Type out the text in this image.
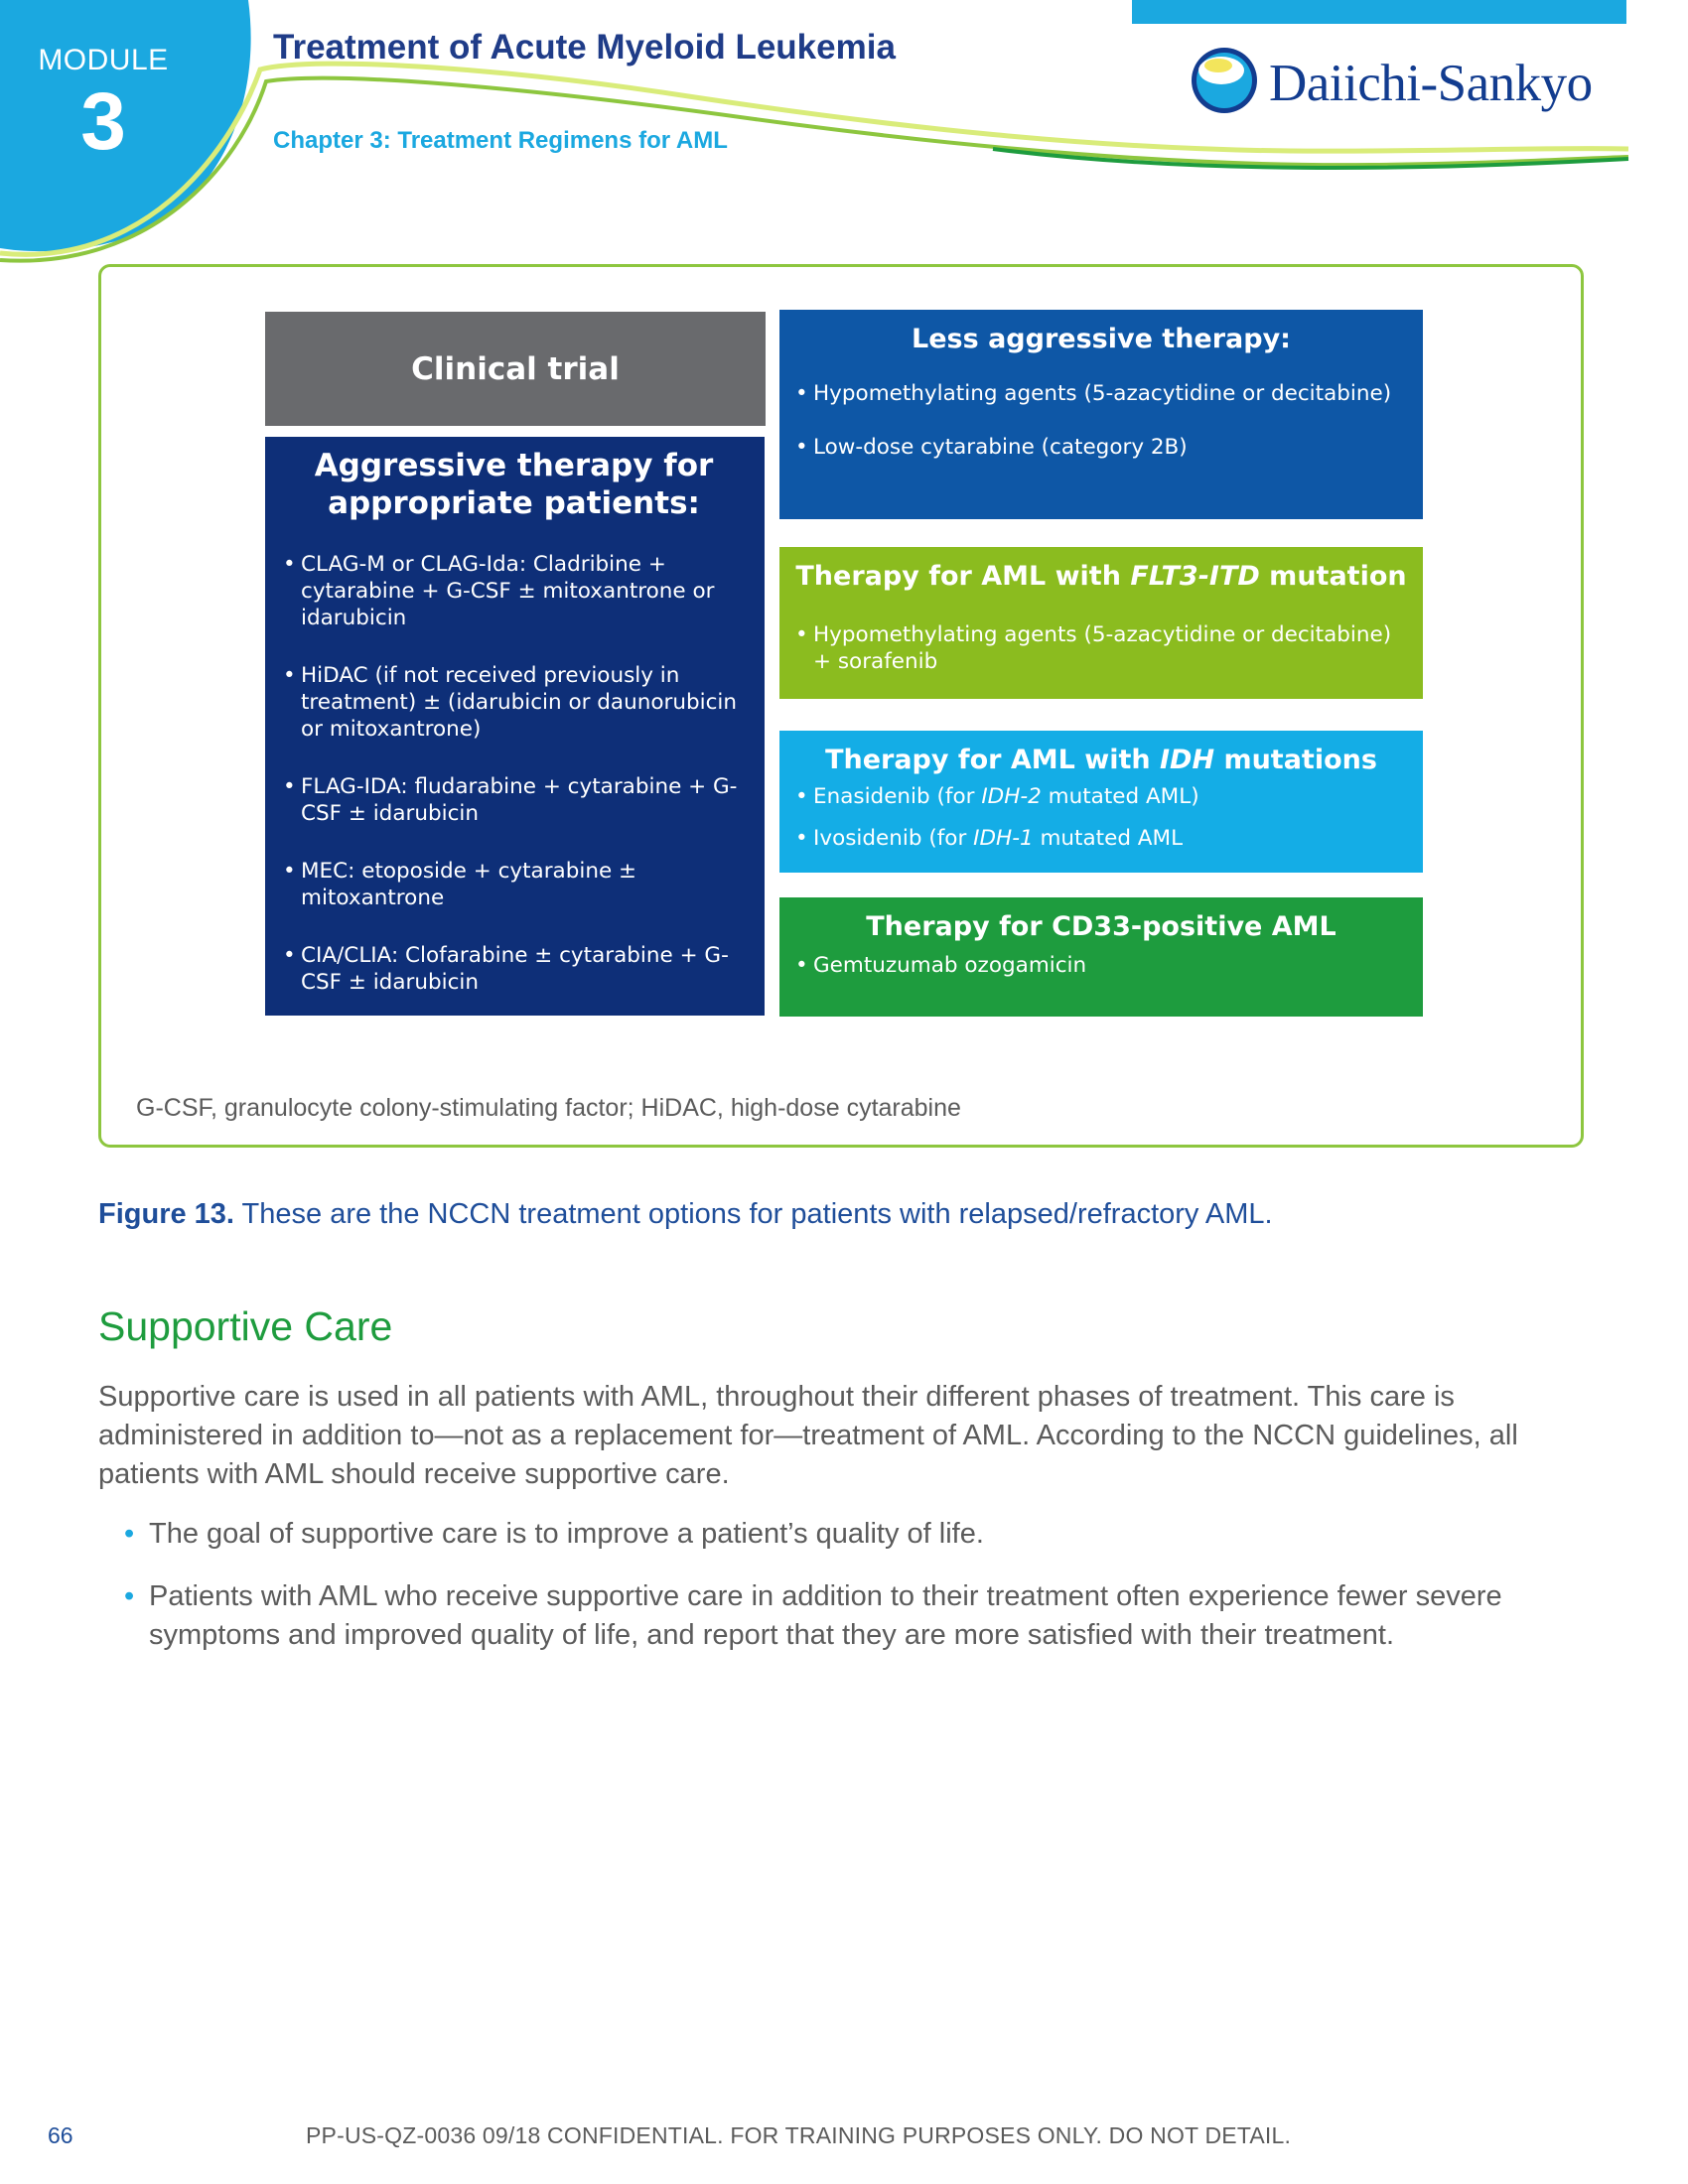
MODULE
3
Treatment of Acute Myeloid Leukemia
Chapter 3: Treatment Regimens for AML
Daiichi-Sankyo
Clinical trial
Aggressive therapy for
appropriate patients:
• CLAG-M or CLAG-Ida: Cladribine + cytarabine + G-CSF ± mitoxantrone or idarubicin
• HiDAC (if not received previously in treatment) ± (idarubicin or daunorubicin or mitoxantrone)
• FLAG-IDA: fludarabine + cytarabine + G-CSF ± idarubicin
• MEC: etoposide + cytarabine ± mitoxantrone
• CIA/CLIA: Clofarabine ± cytarabine + G-CSF ± idarubicin
Less aggressive therapy:
• Hypomethylating agents (5-azacytidine or decitabine)
• Low-dose cytarabine (category 2B)
Therapy for AML with FLT3-ITD mutation
• Hypomethylating agents (5-azacytidine or decitabine) + sorafenib
Therapy for AML with IDH mutations
• Enasidenib (for IDH-2 mutated AML)
• Ivosidenib (for IDH-1 mutated AML
Therapy for CD33-positive AML
• Gemtuzumab ozogamicin
G-CSF, granulocyte colony-stimulating factor; HiDAC, high-dose cytarabine
Figure 13. These are the NCCN treatment options for patients with relapsed/refractory AML.
Supportive Care
Supportive care is used in all patients with AML, throughout their different phases of treatment. This care is administered in addition to—not as a replacement for—treatment of AML. According to the NCCN guidelines, all patients with AML should receive supportive care.
• The goal of supportive care is to improve a patient’s quality of life.
• Patients with AML who receive supportive care in addition to their treatment often experience fewer severe symptoms and improved quality of life, and report that they are more satisfied with their treatment.
66	PP-US-QZ-0036 09/18 CONFIDENTIAL. FOR TRAINING PURPOSES ONLY. DO NOT DETAIL.
